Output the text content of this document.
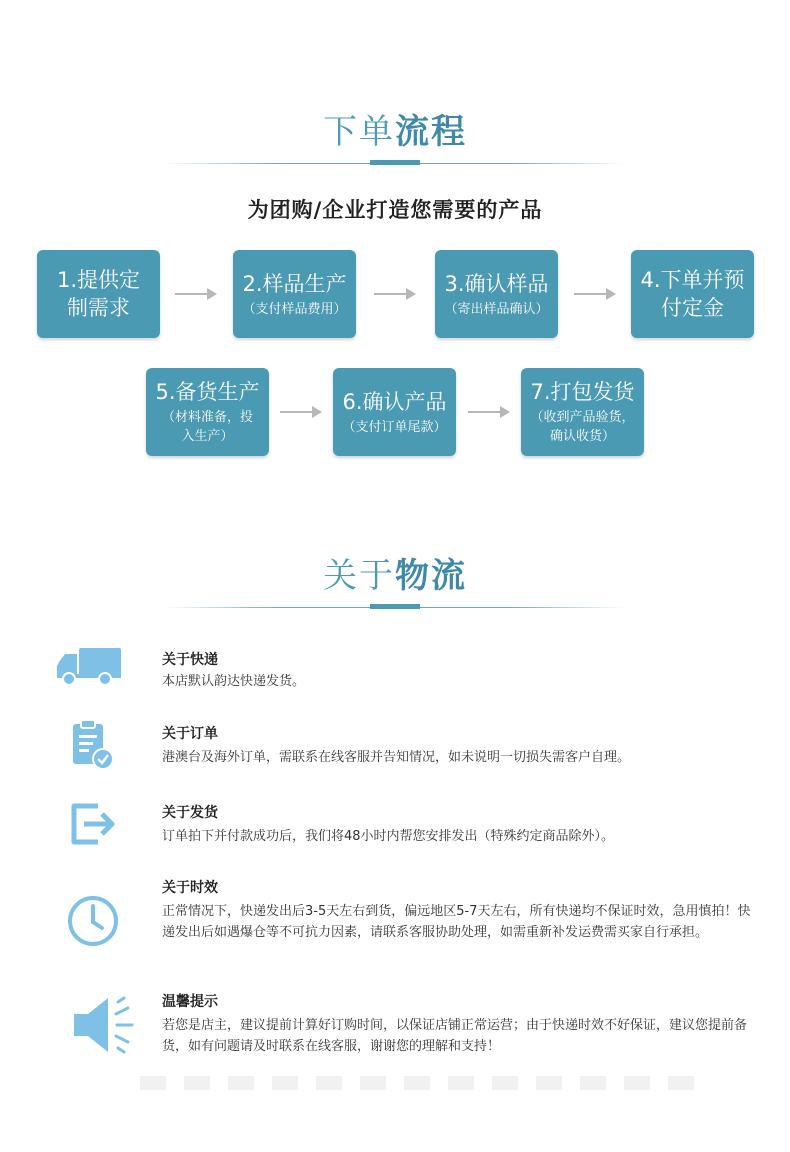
下单流程
为团购/企业打造您需要的产品
1.提供定
制需求
2.样品生产
（支付样品费用）
3.确认样品
（寄出样品确认）
4.下单并预
付定金
5.备货生产
（材料准备，投
入生产）
6.确认产品
（支付订单尾款）
7.打包发货
（收到产品验货，
确认收货）
关于物流
关于快递
本店默认韵达快递发货。
关于订单
港澳台及海外订单，需联系在线客服并告知情况，如未说明一切损失需客户自理。
关于发货
订单拍下并付款成功后，我们将48小时内帮您安排发出（特殊约定商品除外）。
关于时效
正常情况下，快递发出后3-5天左右到货，偏远地区5-7天左右，所有快递均不保证时效，急用慎拍！快递发出后如遇爆仓等不可抗力因素，请联系客服协助处理，如需重新补发运费需买家自行承担。
温馨提示
若您是店主，建议提前计算好订购时间，以保证店铺正常运营；由于快递时效不好保证，建议您提前备货，如有问题请及时联系在线客服，谢谢您的理解和支持！
